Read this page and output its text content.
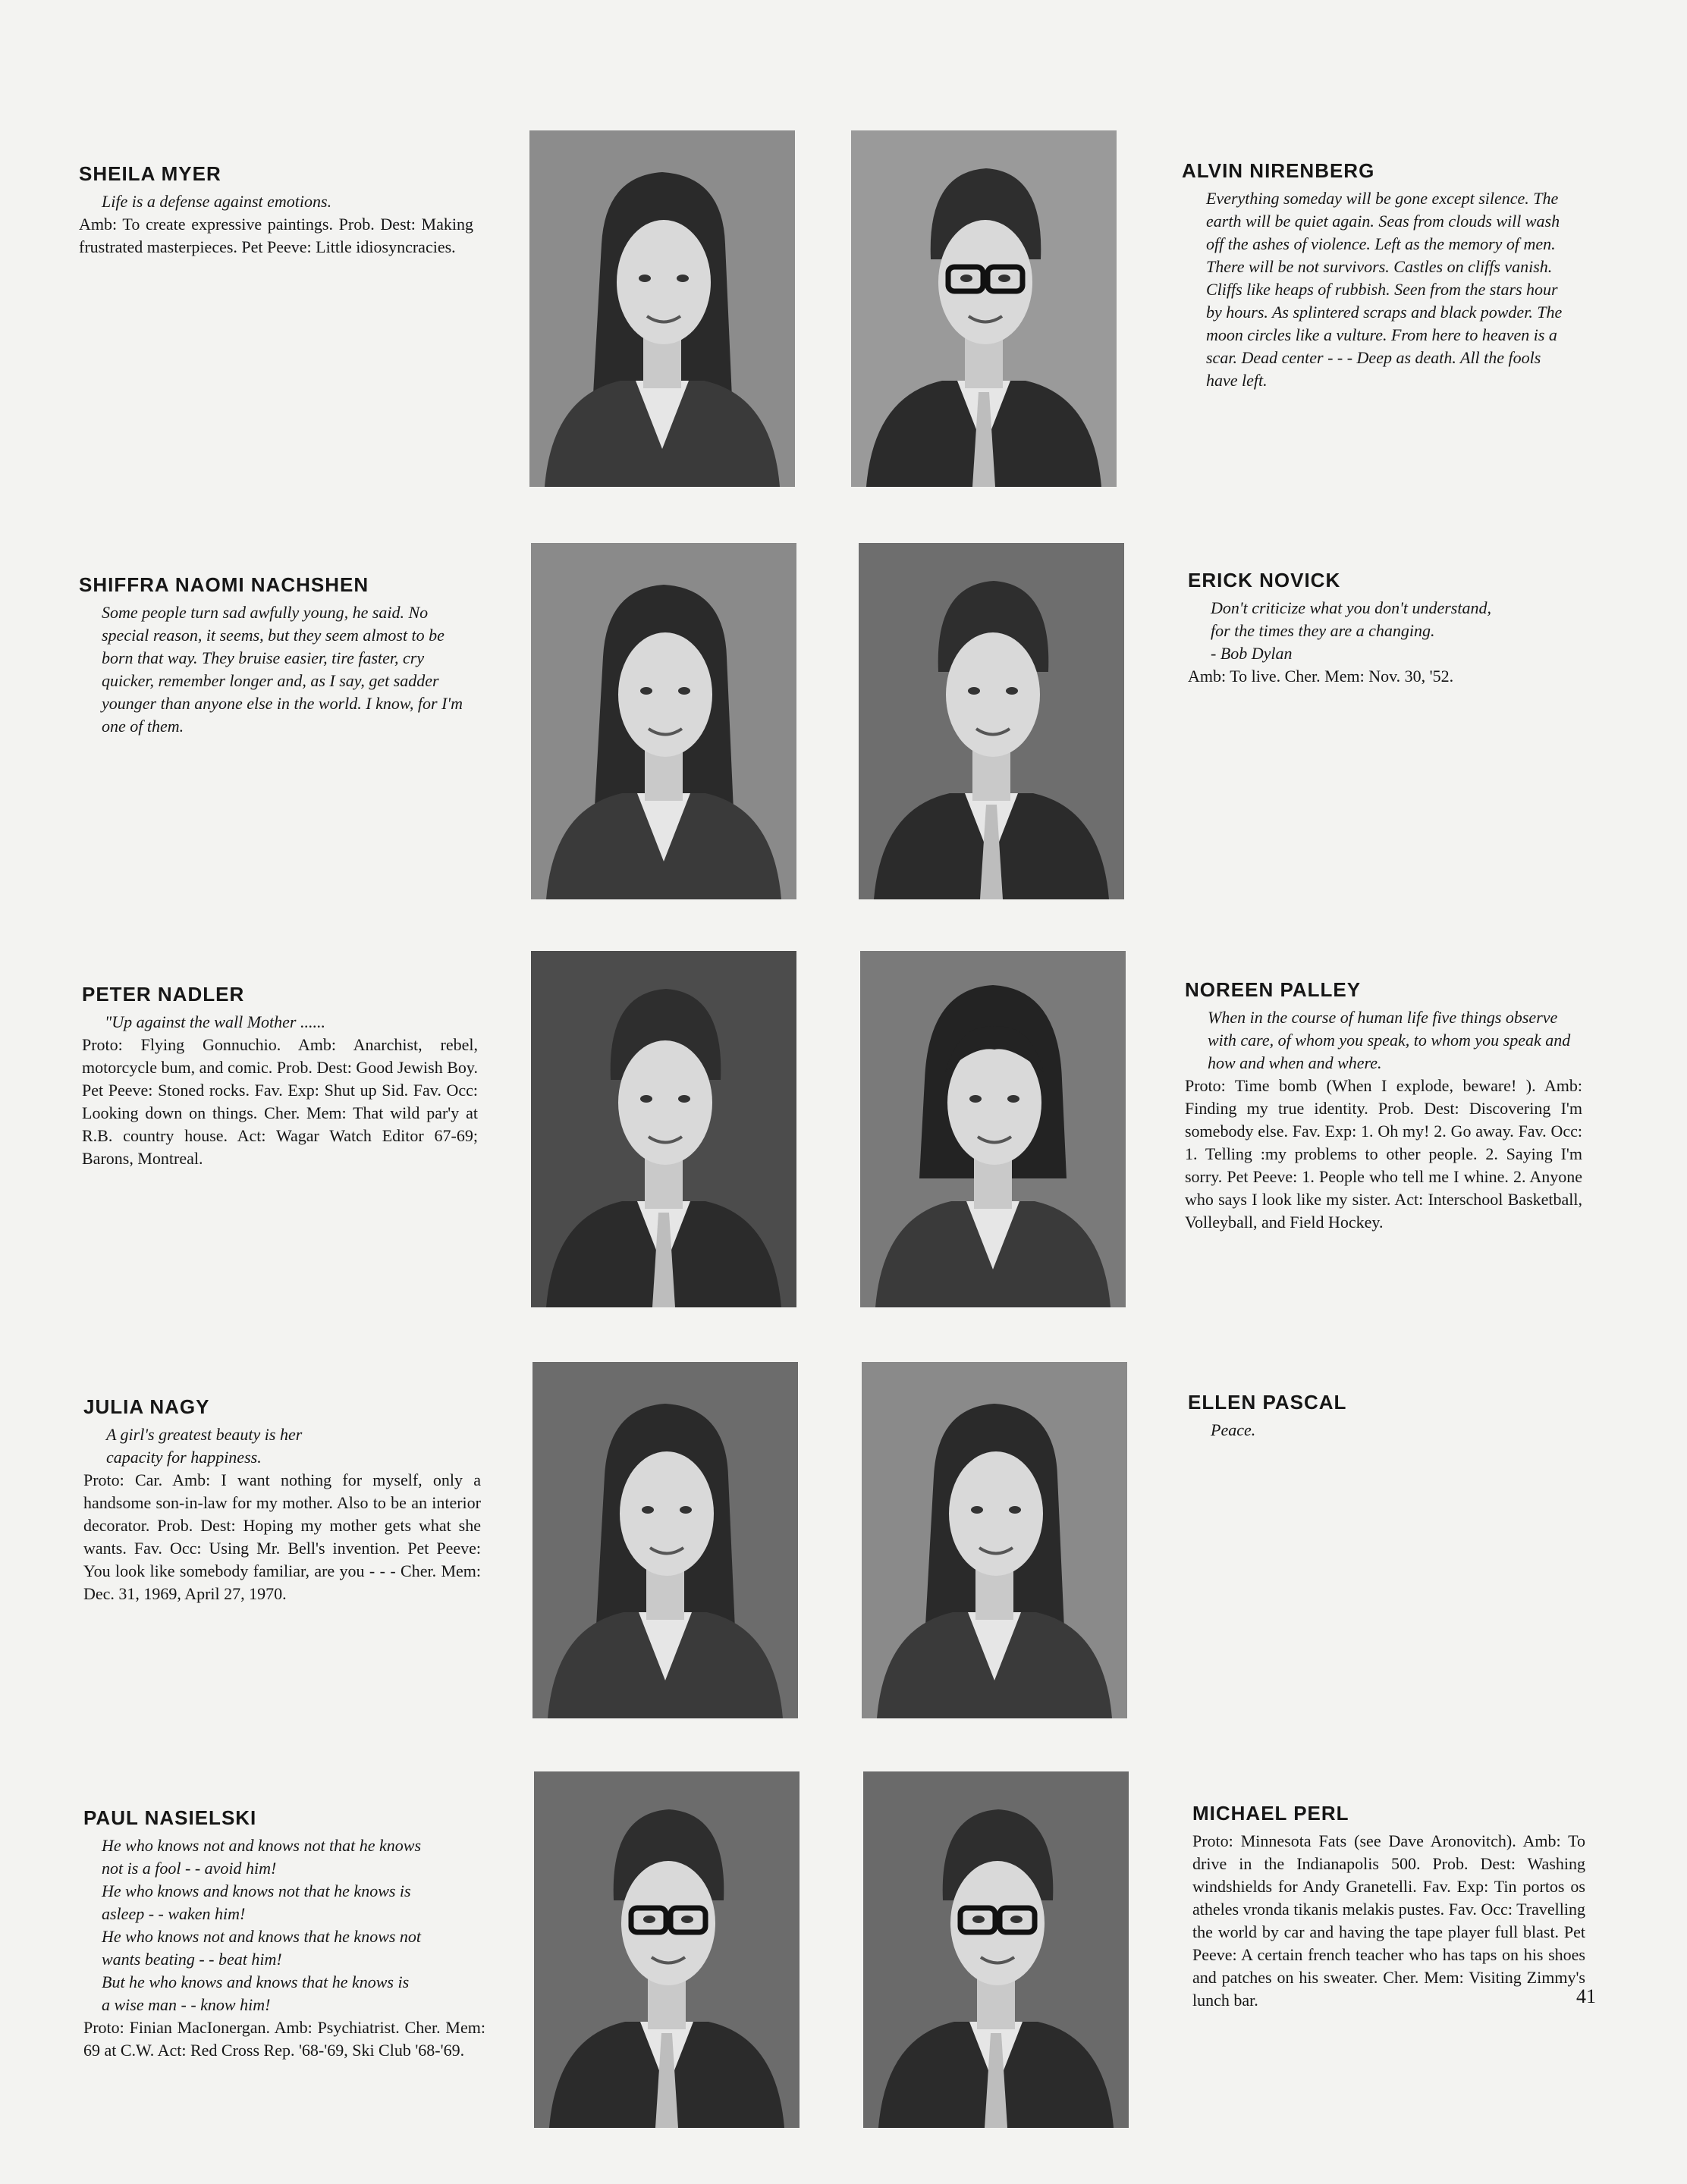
SHEILA MYER
Life is a defense against emotions.
Amb: To create expressive paintings. Prob. Dest: Making frustrated masterpieces. Pet Peeve: Little idiosyncracies.
ALVIN NIRENBERG
Everything someday will be gone except silence. The earth will be quiet again. Seas from clouds will wash off the ashes of violence. Left as the memory of men. There will be not survivors. Castles on cliffs vanish. Cliffs like heaps of rubbish. Seen from the stars hour by hours. As splintered scraps and black powder. The moon circles like a vulture. From here to heaven is a scar. Dead center - - - Deep as death. All the fools have left.
SHIFFRA NAOMI NACHSHEN
Some people turn sad awfully young, he said. No special reason, it seems, but they seem almost to be born that way. They bruise easier, tire faster, cry quicker, remember longer and, as I say, get sadder younger than anyone else in the world. I know, for I'm one of them.
ERICK NOVICK
Don't criticize what you don't understand,
for the times they are a changing.
- Bob Dylan
Amb: To live. Cher. Mem: Nov. 30, '52.
PETER NADLER
"Up against the wall Mother ......
Proto: Flying Gonnuchio. Amb: Anarchist, rebel, motorcycle bum, and comic. Prob. Dest: Good Jewish Boy. Pet Peeve: Stoned rocks. Fav. Exp: Shut up Sid. Fav. Occ: Looking down on things. Cher. Mem: That wild par'y at R.B. country house. Act: Wagar Watch Editor 67-69; Barons, Montreal.
NOREEN PALLEY
When in the course of human life five things observe with care, of whom you speak, to whom you speak and how and when and where.
Proto: Time bomb (When I explode, beware! ). Amb: Finding my true identity. Prob. Dest: Discovering I'm somebody else. Fav. Exp: 1. Oh my! 2. Go away. Fav. Occ: 1. Telling :my problems to other people. 2. Saying I'm sorry. Pet Peeve: 1. People who tell me I whine. 2. Anyone who says I look like my sister. Act: Interschool Basketball, Volleyball, and Field Hockey.
JULIA NAGY
A girl's greatest beauty is her
capacity for happiness.
Proto: Car. Amb: I want nothing for myself, only a handsome son-in-law for my mother. Also to be an interior decorator. Prob. Dest: Hoping my mother gets what she wants. Fav. Occ: Using Mr. Bell's invention. Pet Peeve: You look like somebody familiar, are you - - - Cher. Mem: Dec. 31, 1969, April 27, 1970.
ELLEN PASCAL
Peace.
PAUL NASIELSKI
He who knows not and knows not that he knows
not is a fool - - avoid him!
He who knows and knows not that he knows is
asleep - - waken him!
He who knows not and knows that he knows not
wants beating - - beat him!
But he who knows and knows that he knows is
a wise man - - know him!
Proto: Finian MacIonergan. Amb: Psychiatrist. Cher. Mem: 69 at C.W. Act: Red Cross Rep. '68-'69, Ski Club '68-'69.
MICHAEL PERL
Proto: Minnesota Fats (see Dave Aronovitch). Amb: To drive in the Indianapolis 500. Prob. Dest: Washing windshields for Andy Granetelli. Fav. Exp: Tin portos os atheles vronda tikanis melakis pustes. Fav. Occ: Travelling the world by car and having the tape player full blast. Pet Peeve: A certain french teacher who has taps on his shoes and patches on his sweater. Cher. Mem: Visiting Zimmy's lunch bar.	41
